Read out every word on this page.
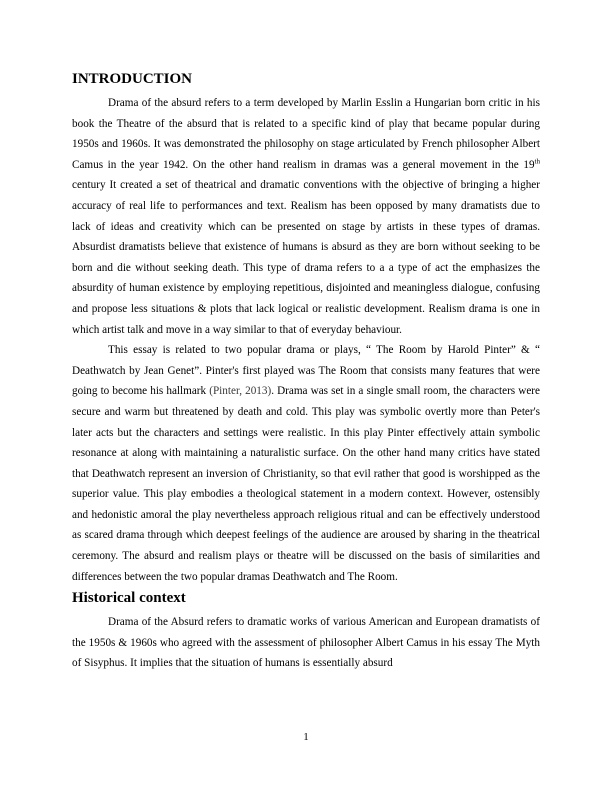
INTRODUCTION

Drama of the absurd refers to a term developed by Marlin Esslin a Hungarian born critic in his book the Theatre of the absurd that is related to a specific kind of play that became popular during 1950s and 1960s. It was demonstrated the philosophy on stage articulated by French philosopher Albert Camus in the year 1942. On the other hand realism in dramas was a general movement in the 19th century It created a set of theatrical and dramatic conventions with the objective of bringing a higher accuracy of real life to performances and text. Realism has been opposed by many dramatists due to lack of ideas and creativity which can be presented on stage by artists in these types of dramas. Absurdist dramatists believe that existence of humans is absurd as they are born without seeking to be born and die without seeking death. This type of drama refers to a a type of act the emphasizes the absurdity of human existence by employing repetitious, disjointed and meaningless dialogue, confusing and propose less situations & plots that lack logical or realistic development. Realism drama is one in which artist talk and move in a way similar to that of everyday behaviour.

This essay is related to two popular drama or plays, “ The Room by Harold Pinter” & “ Deathwatch by Jean Genet”. Pinter's first played was The Room that consists many features that were going to become his hallmark (Pinter, 2013). Drama was set in a single small room, the characters were secure and warm but threatened by death and cold. This play was symbolic overtly more than Peter's later acts but the characters and settings were realistic. In this play Pinter effectively attain symbolic resonance at along with maintaining a naturalistic surface. On the other hand many critics have stated that Deathwatch represent an inversion of Christianity, so that evil rather that good is worshipped as the superior value. This play embodies a theological statement in a modern context. However, ostensibly and hedonistic amoral the play nevertheless approach religious ritual and can be effectively understood as scared drama through which deepest feelings of the audience are aroused by sharing in the theatrical ceremony. The absurd and realism plays or theatre will be discussed on the basis of similarities and differences between the two popular dramas Deathwatch and The Room.

Historical context

Drama of the Absurd refers to dramatic works of various American and European dramatists of the 1950s & 1960s who agreed with the assessment of philosopher Albert Camus in his essay The Myth of Sisyphus. It implies that the situation of humans is essentially absurd

1
